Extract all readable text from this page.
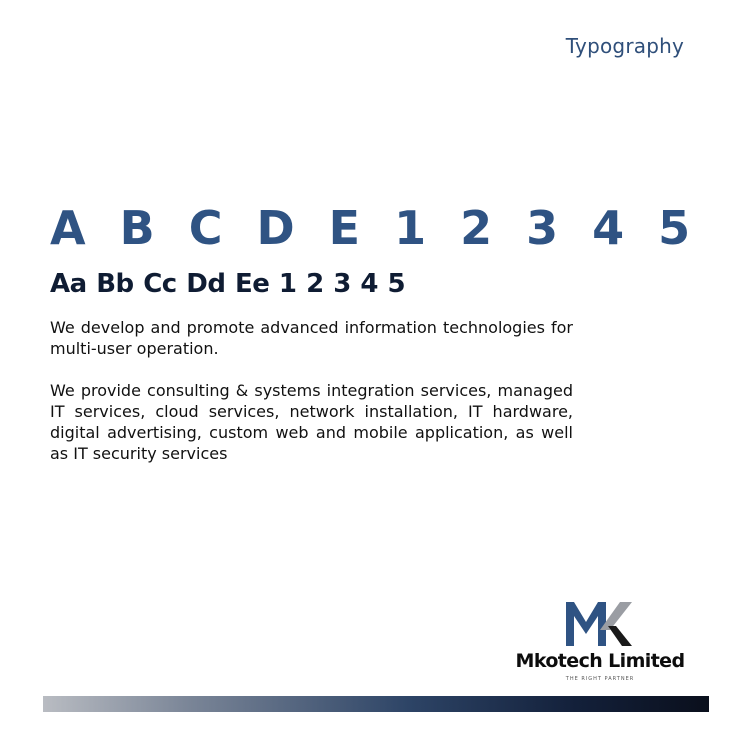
Typography
A B C D E 1 2 3 4 5
Aa Bb Cc Dd Ee 1 2 3 4 5

We develop and promote advanced information technologies for multi-user operation.

We provide consulting & systems integration services, managed IT services, cloud services, network installation, IT hardware, digital advertising, custom web and mobile application, as well as IT security services

Mkotech Limited
THE RIGHT PARTNER
